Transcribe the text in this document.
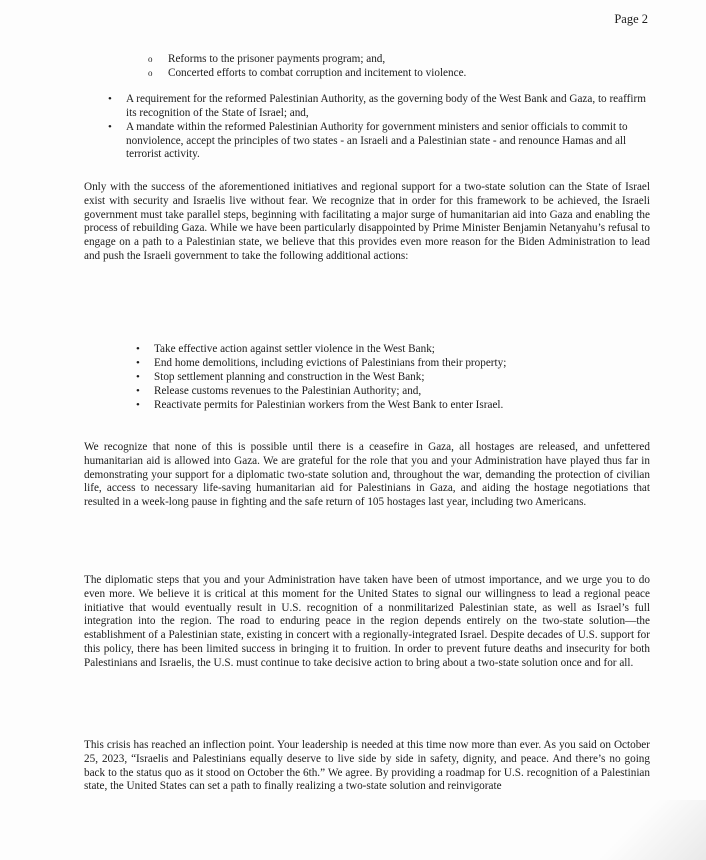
Page 2
o	Reforms to the prisoner payments program; and,
o	Concerted efforts to combat corruption and incitement to violence.
•	A requirement for the reformed Palestinian Authority, as the governing body of the West Bank and Gaza, to reaffirm its recognition of the State of Israel; and,
•	A mandate within the reformed Palestinian Authority for government ministers and senior officials to commit to nonviolence, accept the principles of two states - an Israeli and a Palestinian state - and renounce Hamas and all terrorist activity.

Only with the success of the aforementioned initiatives and regional support for a two-state solution can the State of Israel exist with security and Israelis live without fear. We recognize that in order for this framework to be achieved, the Israeli government must take parallel steps, beginning with facilitating a major surge of humanitarian aid into Gaza and enabling the process of rebuilding Gaza. While we have been particularly disappointed by Prime Minister Benjamin Netanyahu’s refusal to engage on a path to a Palestinian state, we believe that this provides even more reason for the Biden Administration to lead and push the Israeli government to take the following additional actions:

•	Take effective action against settler violence in the West Bank;
•	End home demolitions, including evictions of Palestinians from their property;
•	Stop settlement planning and construction in the West Bank;
•	Release customs revenues to the Palestinian Authority; and,
•	Reactivate permits for Palestinian workers from the West Bank to enter Israel.

We recognize that none of this is possible until there is a ceasefire in Gaza, all hostages are released, and unfettered humanitarian aid is allowed into Gaza. We are grateful for the role that you and your Administration have played thus far in demonstrating your support for a diplomatic two-state solution and, throughout the war, demanding the protection of civilian life, access to necessary life-saving humanitarian aid for Palestinians in Gaza, and aiding the hostage negotiations that resulted in a week-long pause in fighting and the safe return of 105 hostages last year, including two Americans.

The diplomatic steps that you and your Administration have taken have been of utmost importance, and we urge you to do even more. We believe it is critical at this moment for the United States to signal our willingness to lead a regional peace initiative that would eventually result in U.S. recognition of a nonmilitarized Palestinian state, as well as Israel’s full integration into the region. The road to enduring peace in the region depends entirely on the two-state solution—the establishment of a Palestinian state, existing in concert with a regionally-integrated Israel. Despite decades of U.S. support for this policy, there has been limited success in bringing it to fruition. In order to prevent future deaths and insecurity for both Palestinians and Israelis, the U.S. must continue to take decisive action to bring about a two-state solution once and for all.

This crisis has reached an inflection point. Your leadership is needed at this time now more than ever. As you said on October 25, 2023, “Israelis and Palestinians equally deserve to live side by side in safety, dignity, and peace. And there’s no going back to the status quo as it stood on October the 6th.” We agree. By providing a roadmap for U.S. recognition of a Palestinian state, the United States can set a path to finally realizing a two-state solution and reinvigorate
